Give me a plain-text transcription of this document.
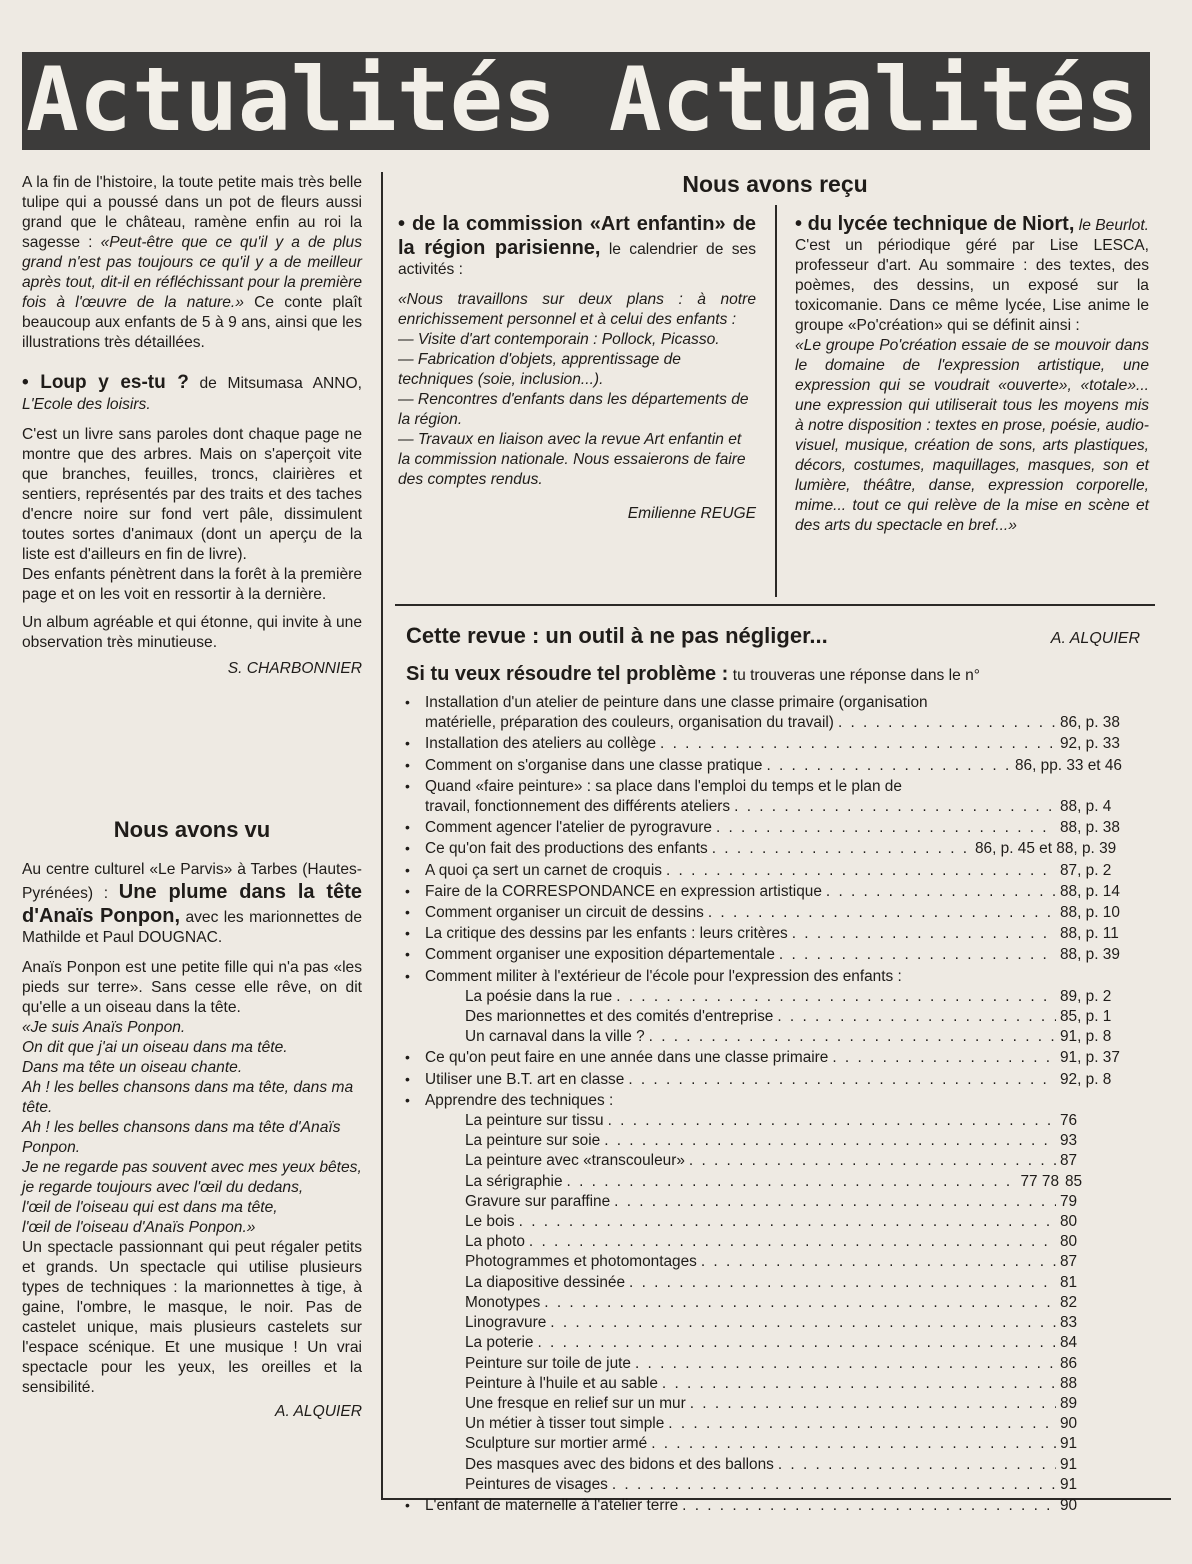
Actualités Actualités

A la fin de l'histoire, la toute petite mais très belle tulipe qui a poussé dans un pot de fleurs aussi grand que le château, ramène enfin au roi la sagesse : «Peut-être que ce qu'il y a de plus grand n'est pas toujours ce qu'il y a de meilleur après tout, dit-il en réfléchissant pour la première fois à l'œuvre de la nature.» Ce conte plaît beaucoup aux enfants de 5 à 9 ans, ainsi que les illustrations très détaillées.

• Loup y es-tu ? de Mitsumasa ANNO, L'Ecole des loisirs.

C'est un livre sans paroles dont chaque page ne montre que des arbres. Mais on s'aperçoit vite que branches, feuilles, troncs, clairières et sentiers, représentés par des traits et des taches d'encre noire sur fond vert pâle, dissimulent toutes sortes d'animaux (dont un aperçu de la liste est d'ailleurs en fin de livre).

Des enfants pénètrent dans la forêt à la première page et on les voit en ressortir à la dernière.

Un album agréable et qui étonne, qui invite à une observation très minutieuse.

S. CHARBONNIER

Nous avons vu

Au centre culturel «Le Parvis» à Tarbes (Hautes-Pyrénées) : Une plume dans la tête d'Anaïs Ponpon, avec les marionnettes de Mathilde et Paul DOUGNAC.

Anaïs Ponpon est une petite fille qui n'a pas «les pieds sur terre». Sans cesse elle rêve, on dit qu'elle a un oiseau dans la tête.

«Je suis Anaïs Ponpon.

On dit que j'ai un oiseau dans ma tête.

Dans ma tête un oiseau chante.

Ah ! les belles chansons dans ma tête, dans ma tête.

Ah ! les belles chansons dans ma tête d'Anaïs Ponpon.

Je ne regarde pas souvent avec mes yeux bêtes,

je regarde toujours avec l'œil du dedans,

l'œil de l'oiseau qui est dans ma tête,

l'œil de l'oiseau d'Anaïs Ponpon.»

Un spectacle passionnant qui peut régaler petits et grands. Un spectacle qui utilise plusieurs types de techniques : la marionnettes à tige, à gaine, l'ombre, le masque, le noir. Pas de castelet unique, mais plusieurs castelets sur l'espace scénique. Et une musique ! Un vrai spectacle pour les yeux, les oreilles et la sensibilité.

A. ALQUIER

Nous avons reçu

• de la commission «Art enfantin» de la région parisienne, le calendrier de ses activités :

«Nous travaillons sur deux plans : à notre enrichissement personnel et à celui des enfants :

— Visite d'art contemporain : Pollock, Picasso.

— Fabrication d'objets, apprentissage de techniques (soie, inclusion...).

— Rencontres d'enfants dans les départements de la région.

— Travaux en liaison avec la revue Art enfantin et la commission nationale. Nous essaierons de faire des comptes rendus.

Emilienne REUGE

• du lycée technique de Niort, le Beurlot. C'est un périodique géré par Lise LESCA, professeur d'art. Au sommaire : des textes, des poèmes, des dessins, un exposé sur la toxicomanie. Dans ce même lycée, Lise anime le groupe «Po'création» qui se définit ainsi :

«Le groupe Po'création essaie de se mouvoir dans le domaine de l'expression artistique, une expression qui se voudrait «ouverte», «totale»... une expression qui utiliserait tous les moyens mis à notre disposition : textes en prose, poésie, audio-visuel, musique, création de sons, arts plastiques, décors, costumes, maquillages, masques, son et lumière, théâtre, danse, expression corporelle, mime... tout ce qui relève de la mise en scène et des arts du spectacle en bref...»

Cette revue : un outil à ne pas négliger...	A. ALQUIER
Si tu veux résoudre tel problème : tu trouveras une réponse dans le n°
• Installation d'un atelier de peinture dans une classe primaire (organisation
matérielle, préparation des couleurs, organisation du travail) . . .	86, p. 38
• Installation des ateliers au collège . . .	92, p. 33
• Comment on s'organise dans une classe pratique . . .	86, pp. 33 et 46
• Quand «faire peinture» : sa place dans l'emploi du temps et le plan de
travail, fonctionnement des différents ateliers . . .	88, p. 4
• Comment agencer l'atelier de pyrogravure . . .	88, p. 38
• Ce qu'on fait des productions des enfants . . .	86, p. 45 et 88, p. 39
• A quoi ça sert un carnet de croquis . . .	87, p. 2
• Faire de la CORRESPONDANCE en expression artistique . . .	88, p. 14
• Comment organiser un circuit de dessins . . .	88, p. 10
• La critique des dessins par les enfants : leurs critères . . .	88, p. 11
• Comment organiser une exposition départementale . . .	88, p. 39
• Comment militer à l'extérieur de l'école pour l'expression des enfants :
La poésie dans la rue . . .	89, p. 2
Des marionnettes et des comités d'entreprise . . .	85, p. 1
Un carnaval dans la ville ? . . .	91, p. 8
• Ce qu'on peut faire en une année dans une classe primaire . . .	91, p. 37
• Utiliser une B.T. art en classe . . .	92, p. 8
• Apprendre des techniques :
La peinture sur tissu . . .	76
La peinture sur soie . . .	93
La peinture avec «transcouleur» . . .	87
La sérigraphie . . .	77 78 85
Gravure sur paraffine . . .	79
Le bois . . .	80
La photo . . .	80
Photogrammes et photomontages . . .	87
La diapositive dessinée . . .	81
Monotypes . . .	82
Linogravure . . .	83
La poterie . . .	84
Peinture sur toile de jute . . .	86
Peinture à l'huile et au sable . . .	88
Une fresque en relief sur un mur . . .	89
Un métier à tisser tout simple . . .	90
Sculpture sur mortier armé . . .	91
Des masques avec des bidons et des ballons . . .	91
Peintures de visages . . .	91
• L'enfant de maternelle à l'atelier terre . . .	90
